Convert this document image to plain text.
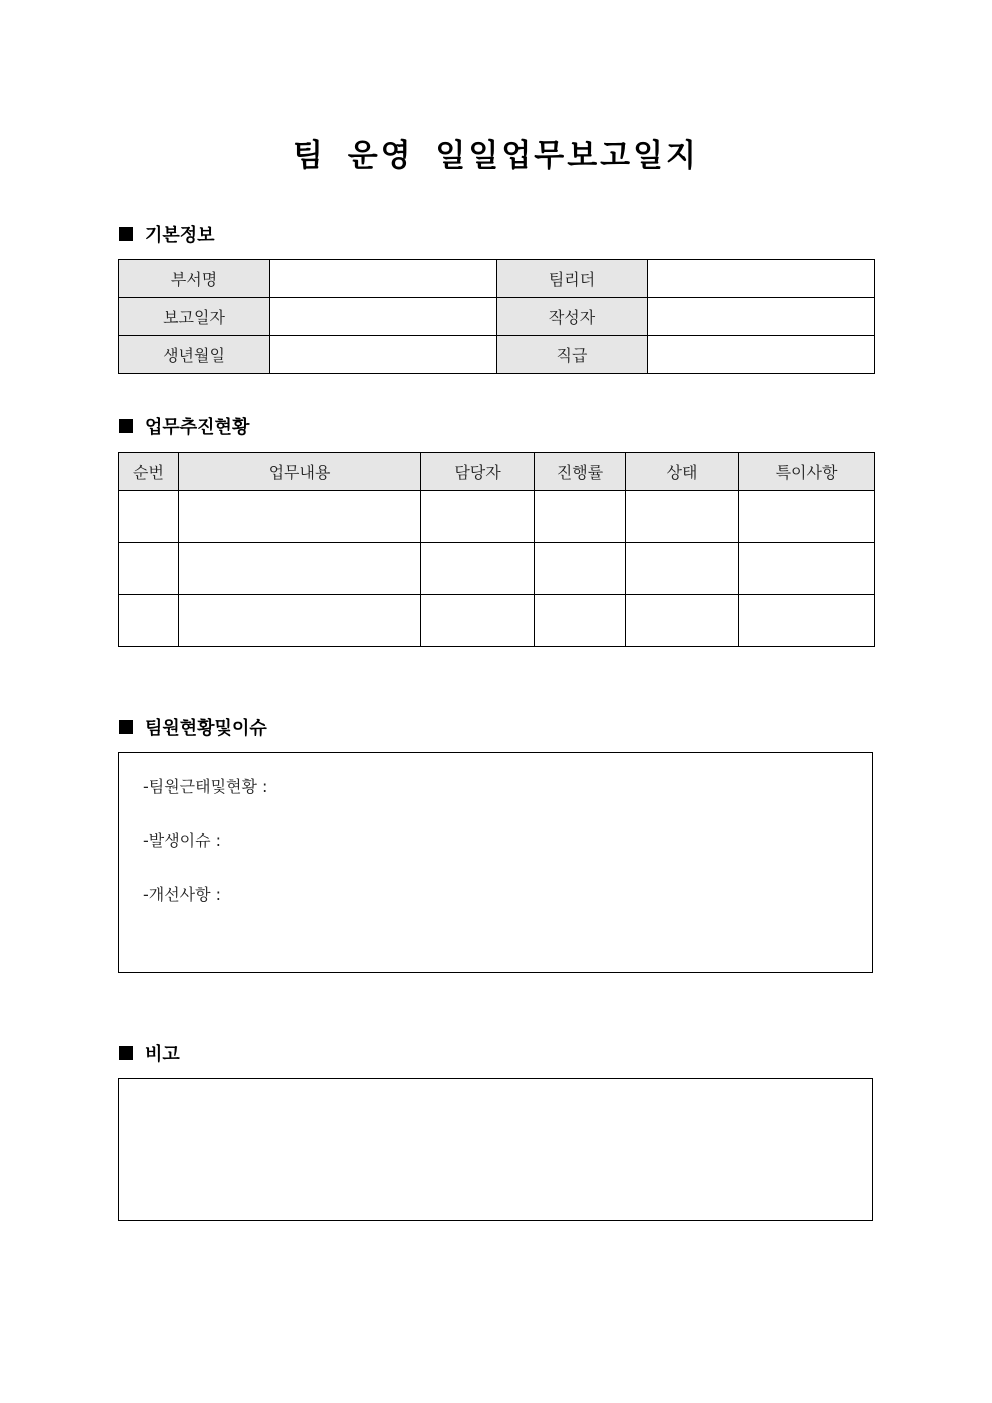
팀 운영 일일업무보고일지
기본정보
부서명		팀리더	
보고일자		작성자	
생년월일		직급	
업무추진현황
순번	업무내용	담당자	진행률	상태	특이사항

팀원현황및이슈
-팀원근태및현황 :
-발생이슈 :
-개선사항 :
비고
